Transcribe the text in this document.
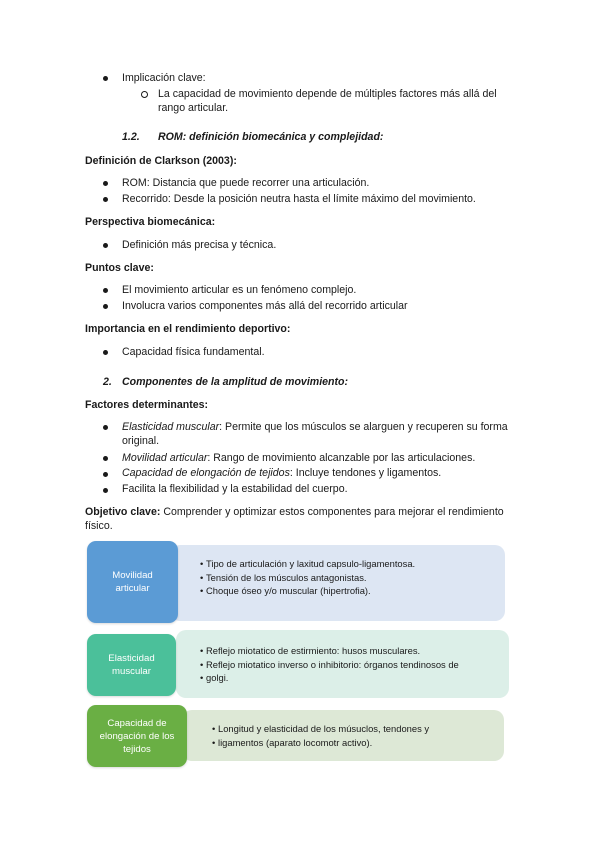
Implicación clave:
La capacidad de movimiento depende de múltiples factores más allá del
rango articular.
1.2. ROM: definición biomecánica y complejidad:
Definición de Clarkson (2003):
ROM: Distancia que puede recorrer una articulación.
Recorrido: Desde la posición neutra hasta el límite máximo del movimiento.
Perspectiva biomecánica:
Definición más precisa y técnica.
Puntos clave:
El movimiento articular es un fenómeno complejo.
Involucra varios componentes más allá del recorrido articular
Importancia en el rendimiento deportivo:
Capacidad física fundamental.
2. Componentes de la amplitud de movimiento:
Factores determinantes:
Elasticidad muscular: Permite que los músculos se alarguen y recuperen su forma
original.
Movilidad articular: Rango de movimiento alcanzable por las articulaciones.
Capacidad de elongación de tejidos: Incluye tendones y ligamentos.
Facilita la flexibilidad y la estabilidad del cuerpo.
Objetivo clave: Comprender y optimizar estos componentes para mejorar el rendimiento
físico.
• Tipo de articulación y laxitud capsulo-ligamentosa.
• Tensión de los músculos antagonistas.
• Choque óseo y/o muscular (hipertrofia).
Movilidad
articular
• Reflejo miotatico de estirmiento: husos musculares.
• Reflejo miotatico inverso o inhibitorio: órganos tendinosos de
• golgi.
Elasticidad
muscular
• Longitud y elasticidad de los músuclos, tendones y
• ligamentos (aparato locomotr activo).
Capacidad de
elongación de los
tejidos
